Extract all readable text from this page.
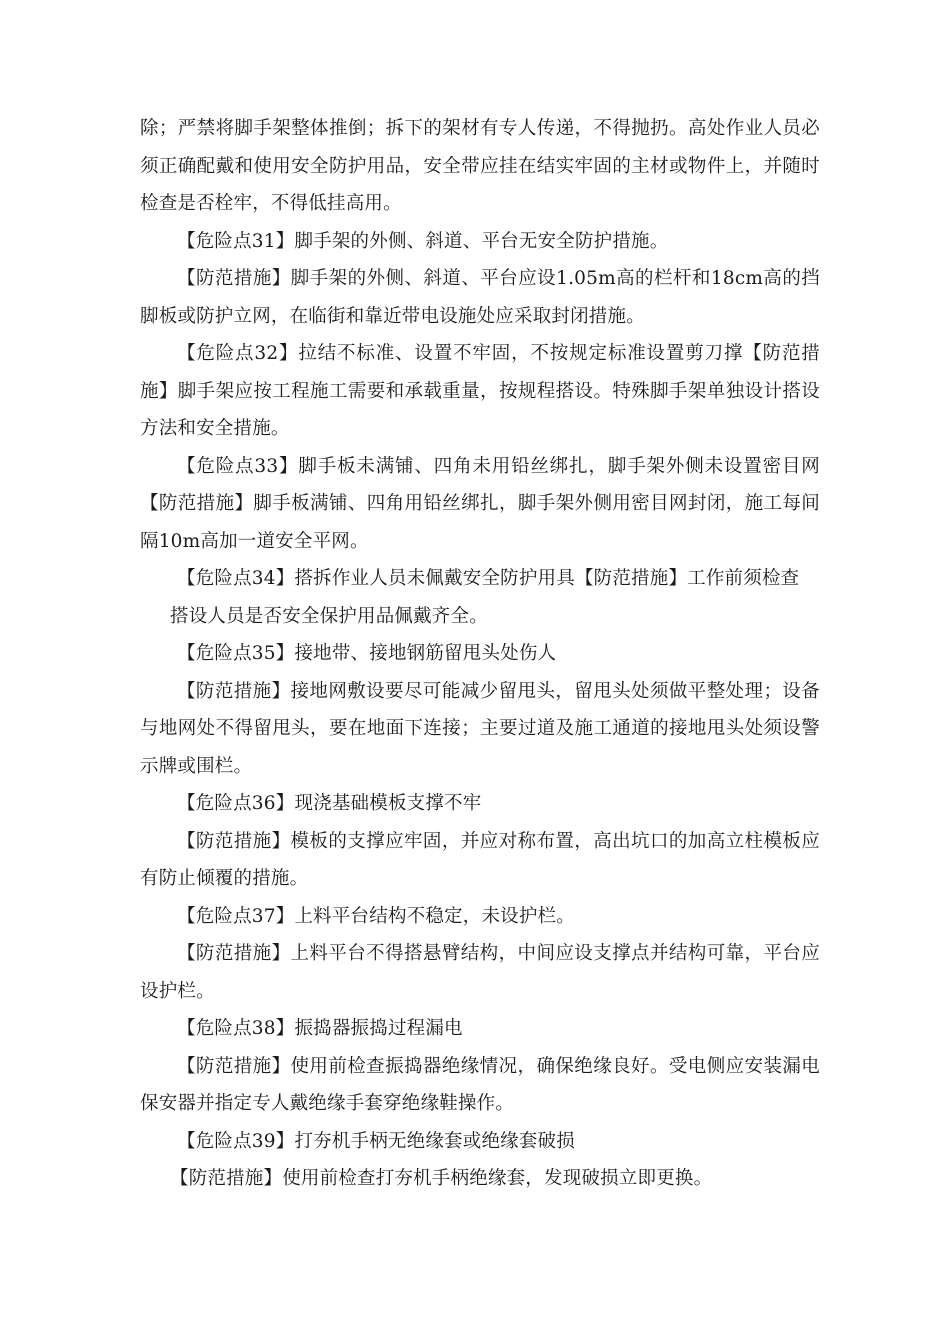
除；严禁将脚手架整体推倒；拆下的架材有专人传递，不得抛扔。高处作业人员必须正确配戴和使用安全防护用品，安全带应挂在结实牢固的主材或物件上，并随时检查是否栓牢，不得低挂高用。

【危险点31】脚手架的外侧、斜道、平台无安全防护措施。

【防范措施】脚手架的外侧、斜道、平台应设1.05m高的栏杆和18cm高的挡脚板或防护立网，在临街和靠近带电设施处应采取封闭措施。

【危险点32】拉结不标准、设置不牢固，不按规定标准设置剪刀撑【防范措施】脚手架应按工程施工需要和承载重量，按规程搭设。特殊脚手架单独设计搭设方法和安全措施。

【危险点33】脚手板未满铺、四角未用铅丝绑扎，脚手架外侧未设置密目网【防范措施】脚手板满铺、四角用铅丝绑扎，脚手架外侧用密目网封闭，施工每间隔10m高加一道安全平网。

【危险点34】搭拆作业人员未佩戴安全防护用具【防范措施】工作前须检查

搭设人员是否安全保护用品佩戴齐全。

【危险点35】接地带、接地钢筋留甩头处伤人

【防范措施】接地网敷设要尽可能减少留甩头，留甩头处须做平整处理；设备与地网处不得留甩头，要在地面下连接；主要过道及施工通道的接地甩头处须设警示牌或围栏。

【危险点36】现浇基础模板支撑不牢

【防范措施】模板的支撑应牢固，并应对称布置，高出坑口的加高立柱模板应有防止倾覆的措施。

【危险点37】上料平台结构不稳定，未设护栏。

【防范措施】上料平台不得搭悬臂结构，中间应设支撑点并结构可靠，平台应设护栏。

【危险点38】振捣器振捣过程漏电

【防范措施】使用前检查振捣器绝缘情况，确保绝缘良好。受电侧应安装漏电保安器并指定专人戴绝缘手套穿绝缘鞋操作。

【危险点39】打夯机手柄无绝缘套或绝缘套破损

【防范措施】使用前检查打夯机手柄绝缘套，发现破损立即更换。
